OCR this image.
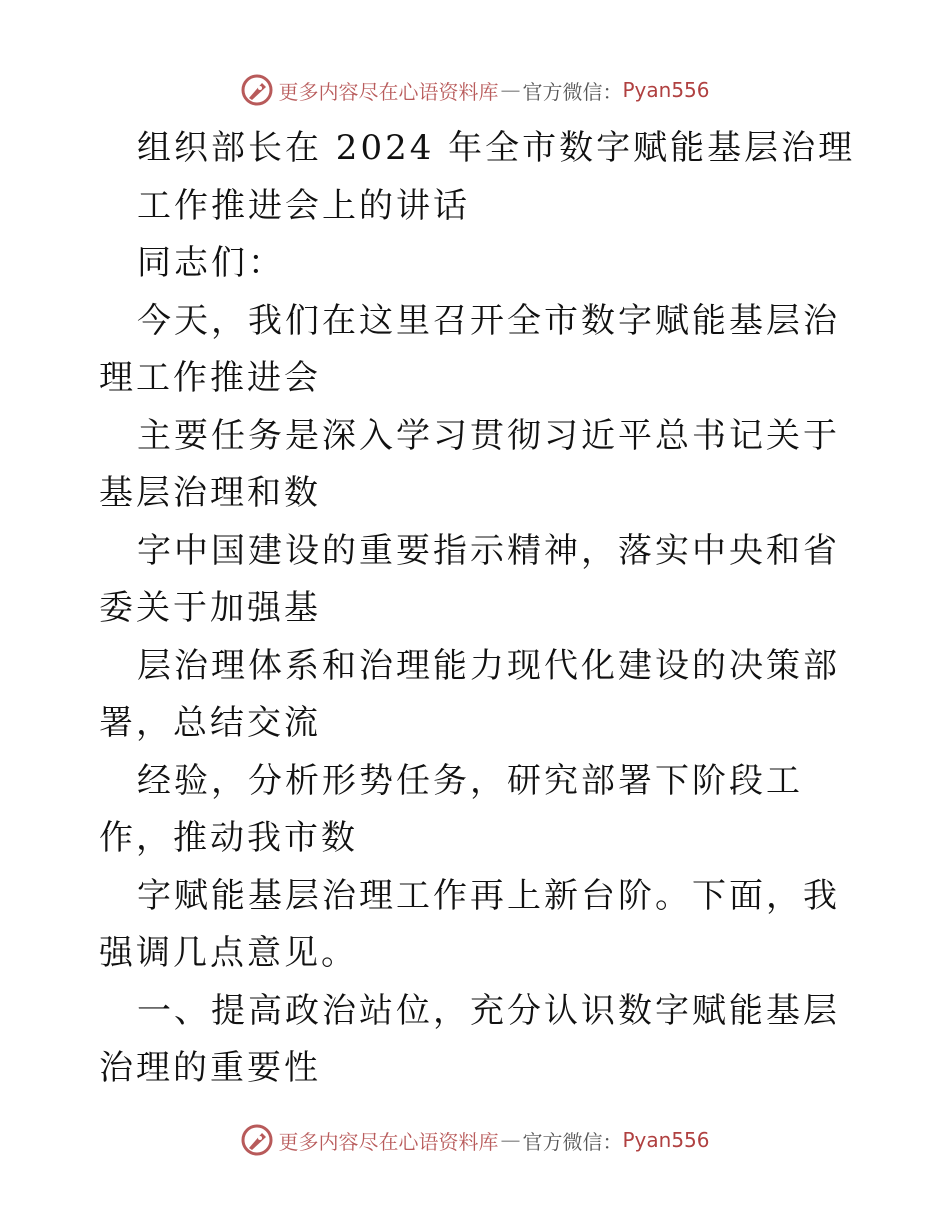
更多内容尽在心语资料库 — 官方微信： Pyan556

组织部长在 2024 年全市数字赋能基层治理

工作推进会上的讲话

同志们：

今天，我们在这里召开全市数字赋能基层治理工作推进会

主要任务是深入学习贯彻习近平总书记关于基层治理和数

字中国建设的重要指示精神，落实中央和省委关于加强基

层治理体系和治理能力现代化建设的决策部署，总结交流

经验，分析形势任务，研究部署下阶段工作，推动我市数

字赋能基层治理工作再上新台阶。下面，我强调几点意见。

一、提高政治站位，充分认识数字赋能基层治理的重要性

更多内容尽在心语资料库 — 官方微信： Pyan556
